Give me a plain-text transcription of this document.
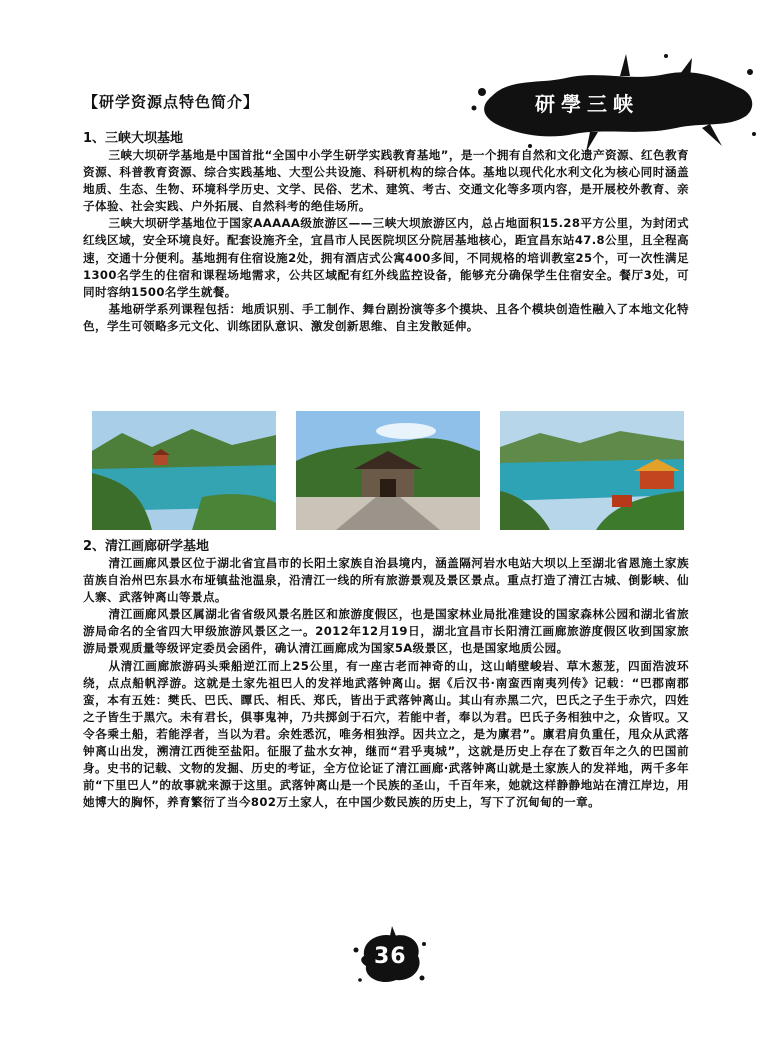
研學三峡
【研学资源点特色简介】

1、三峡大坝基地

三峡大坝研学基地是中国首批“全国中小学生研学实践教育基地”，是一个拥有自然和文化遗产资源、红色教育资源、科普教育资源、综合实践基地、大型公共设施、科研机构的综合体。基地以现代化水利文化为核心同时涵盖地质、生态、生物、环境科学历史、文学、民俗、艺术、建筑、考古、交通文化等多项内容，是开展校外教育、亲子体验、社会实践、户外拓展、自然科考的绝佳场所。

三峡大坝研学基地位于国家AAAAA级旅游区——三峡大坝旅游区内，总占地面积15.28平方公里，为封闭式红线区域，安全环境良好。配套设施齐全，宜昌市人民医院坝区分院居基地核心，距宜昌东站47.8公里，且全程高速，交通十分便利。基地拥有住宿设施2处，拥有酒店式公寓400多间，不同规格的培训教室25个，可一次性满足1300名学生的住宿和课程场地需求，公共区域配有红外线监控设备，能够充分确保学生住宿安全。餐厅3处，可同时容纳1500名学生就餐。

基地研学系列课程包括：地质识别、手工制作、舞台剧扮演等多个摸块、且各个模块创造性融入了本地文化特色，学生可领略多元文化、训练团队意识、激发创新思维、自主发散延伸。

2、清江画廊研学基地

清江画廊风景区位于湖北省宜昌市的长阳土家族自治县境内，涵盖隔河岩水电站大坝以上至湖北省恩施土家族苗族自治州巴东县水布垭镇盐池温泉，沿清江一线的所有旅游景观及景区景点。重点打造了清江古城、倒影峡、仙人寨、武落钟离山等景点。

清江画廊风景区属湖北省省级风景名胜区和旅游度假区，也是国家林业局批准建设的国家森林公园和湖北省旅游局命名的全省四大甲级旅游风景区之一。2012年12月19日，湖北宜昌市长阳清江画廊旅游度假区收到国家旅游局景观质量等级评定委员会函件，确认清江画廊成为国家5A级景区，也是国家地质公园。

从清江画廊旅游码头乘船逆江而上25公里，有一座古老而神奇的山，这山峭壁峻岩、草木葱茏，四面浩波环绕，点点船帆浮游。这就是土家先祖巴人的发祥地武落钟离山。据《后汉书·南蛮西南夷列传》记载：“巴郡南郡蛮，本有五姓：樊氏、巴氏、瞫氏、相氏、郑氏，皆出于武落钟离山。其山有赤黑二穴，巴氏之子生于赤穴，四姓之子皆生于黑穴。未有君长，俱事鬼神，乃共掷剑于石穴，若能中者，奉以为君。巴氏子务相独中之，众皆叹。又令各乘土船，若能浮者，当以为君。余姓悉沉，唯务相独浮。因共立之，是为廪君”。廪君肩负重任，甩众从武落钟离山出发，溯清江西徙至盐阳。征服了盐水女神，继而“君乎夷城”，这就是历史上存在了数百年之久的巴国前身。史书的记载、文物的发掘、历史的考证，全方位论证了清江画廊·武落钟离山就是土家族人的发祥地，两千多年前“下里巴人”的故事就来源于这里。武落钟离山是一个民族的圣山，千百年来，她就这样静静地站在清江岸边，用她博大的胸怀，养育繁衍了当今802万土家人，在中国少数民族的历史上，写下了沉甸甸的一章。

36
